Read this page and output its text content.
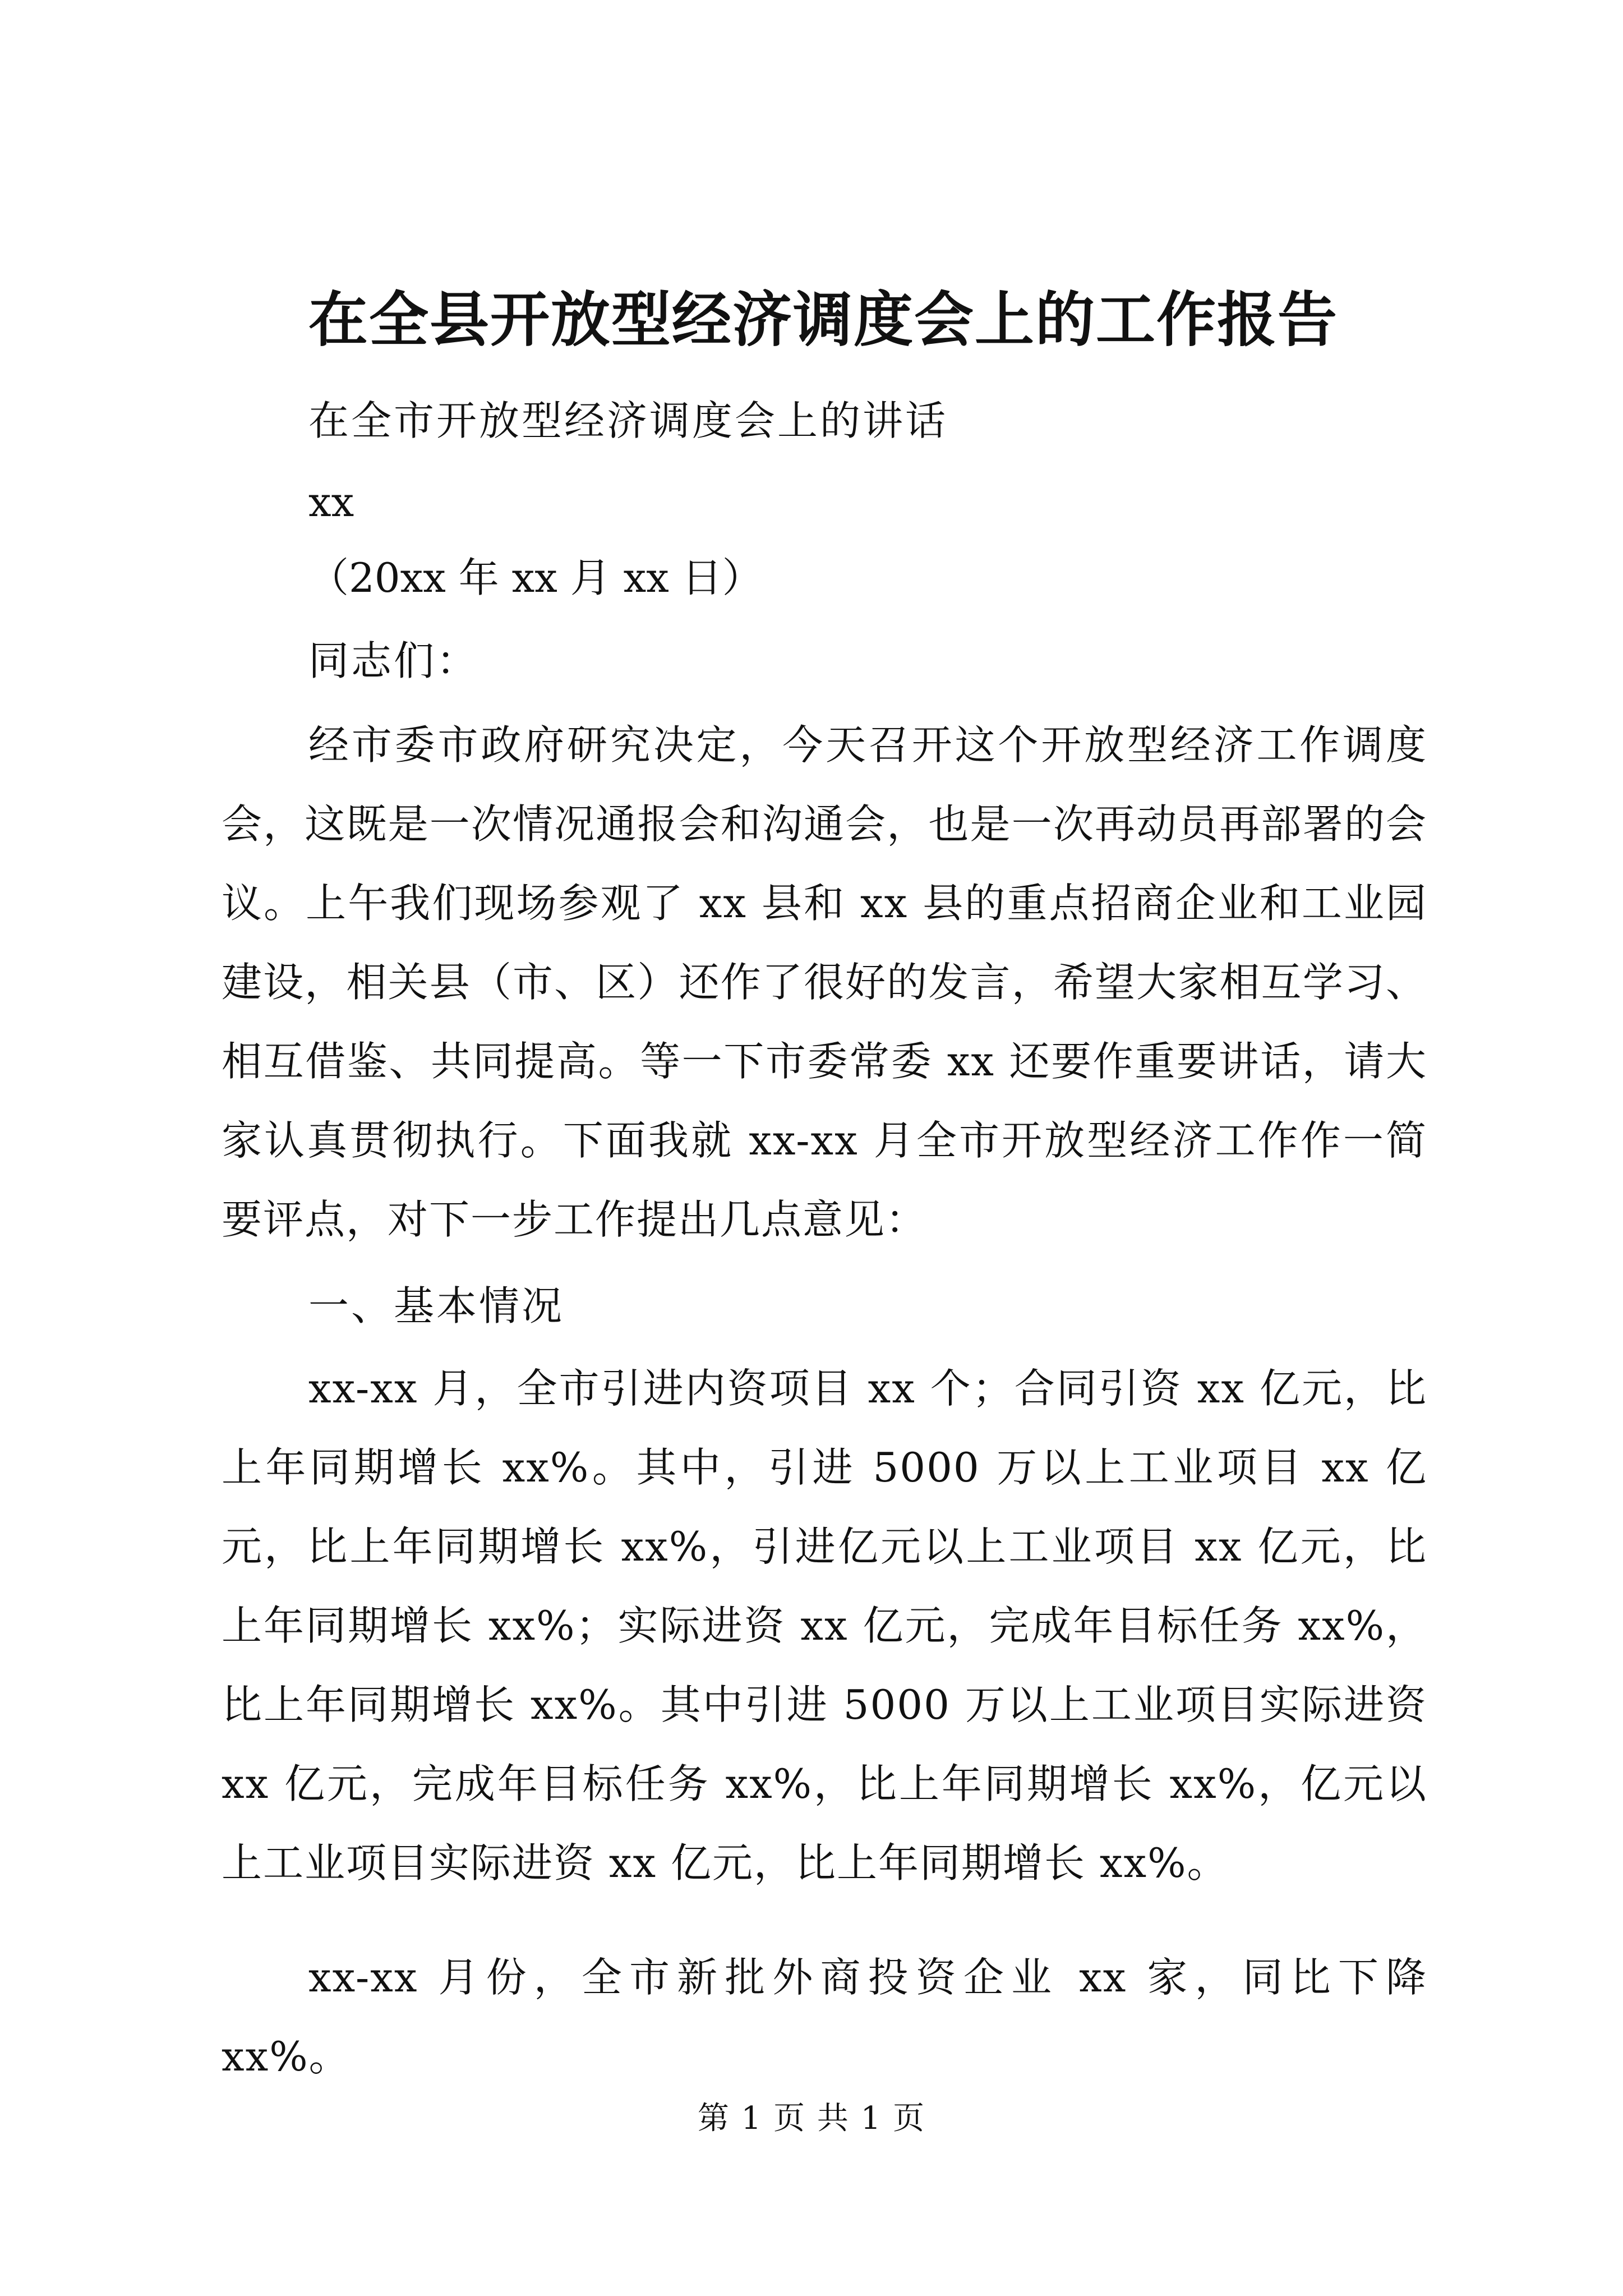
在全县开放型经济调度会上的工作报告

在全市开放型经济调度会上的讲话

xx

（20xx 年 xx 月 xx 日）

同志们：

经市委市政府研究决定，今天召开这个开放型经济工作调度会，这既是一次情况通报会和沟通会，也是一次再动员再部署的会议。上午我们现场参观了 xx 县和 xx 县的重点招商企业和工业园建设，相关县（市、区）还作了很好的发言，希望大家相互学习、相互借鉴、共同提高。等一下市委常委 xx 还要作重要讲话，请大家认真贯彻执行。下面我就 xx-xx 月全市开放型经济工作作一简要评点，对下一步工作提出几点意见：

一、基本情况

xx-xx 月，全市引进内资项目 xx 个；合同引资 xx 亿元，比上年同期增长 xx%。其中，引进 5000 万以上工业项目 xx 亿元，比上年同期增长 xx%，引进亿元以上工业项目 xx 亿元，比上年同期增长 xx%；实际进资 xx 亿元，完成年目标任务 xx%，比上年同期增长 xx%。其中引进 5000 万以上工业项目实际进资 xx 亿元，完成年目标任务 xx%，比上年同期增长 xx%，亿元以上工业项目实际进资 xx 亿元，比上年同期增长 xx%。

xx-xx 月份，全市新批外商投资企业 xx 家，同比下降 xx%。

第 1 页 共 1 页
